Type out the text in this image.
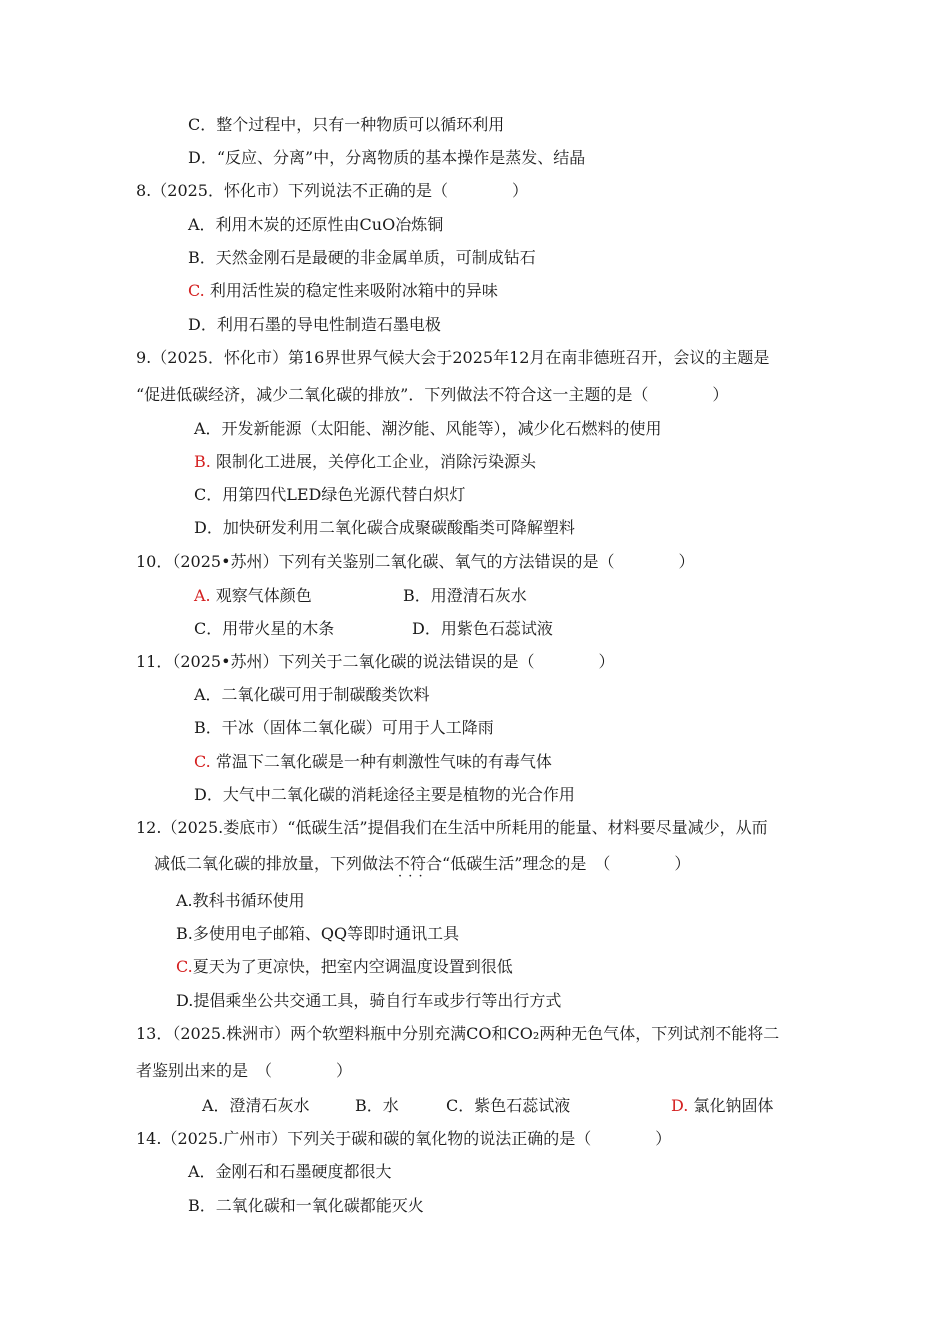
C．整个过程中，只有一种物质可以循环利用
D．“反应、分离”中，分离物质的基本操作是蒸发、结晶
8.（2025．怀化市）下列说法不正确的是（　　　　）
A．利用木炭的还原性由CuO冶炼铜
B．天然金刚石是最硬的非金属单质，可制成钻石
C. 利用活性炭的稳定性来吸附冰箱中的异味
D．利用石墨的导电性制造石墨电极
9.（2025．怀化市）第16界世界气候大会于2025年12月在南非德班召开，会议的主题是
“促进低碳经济，减少二氧化碳的排放”．下列做法不符合这一主题的是（　　　　）
A．开发新能源（太阳能、潮汐能、风能等），减少化石燃料的使用
B. 限制化工进展，关停化工企业，消除污染源头
C．用第四代LED绿色光源代替白炽灯
D．加快研发利用二氧化碳合成聚碳酸酯类可降解塑料
10．（2025•苏州）下列有关鉴别二氧化碳、氧气的方法错误的是（　　　　）
A. 观察气体颜色	B．用澄清石灰水
C．用带火星的木条	D．用紫色石蕊试液
11．（2025•苏州）下列关于二氧化碳的说法错误的是（　　　　）
A．二氧化碳可用于制碳酸类饮料
B．干冰（固体二氧化碳）可用于人工降雨
C. 常温下二氧化碳是一种有刺激性气味的有毒气体
D．大气中二氧化碳的消耗途径主要是植物的光合作用
12.（2025.娄底市）“低碳生活”提倡我们在生活中所耗用的能量、材料要尽量减少，从而
减低二氧化碳的排放量，下列做法不符合 · · ·“低碳生活”理念的是　（　　　　）
A.教科书循环使用
B.多使用电子邮箱、QQ等即时通讯工具
C.夏天为了更凉快，把室内空调温度设置到很低
D.提倡乘坐公共交通工具，骑自行车或步行等出行方式
13．（2025.株洲市）两个软塑料瓶中分别充满CO和CO₂两种无色气体，下列试剂不能将二
者鉴别出来的是　（　　　　）
A．澄清石灰水	B．水	C．紫色石蕊试液	D. 氯化钠固体
14.（2025.广州市）下列关于碳和碳的氧化物的说法正确的是（　　　　）
A．金刚石和石墨硬度都很大
B．二氧化碳和一氧化碳都能灭火
